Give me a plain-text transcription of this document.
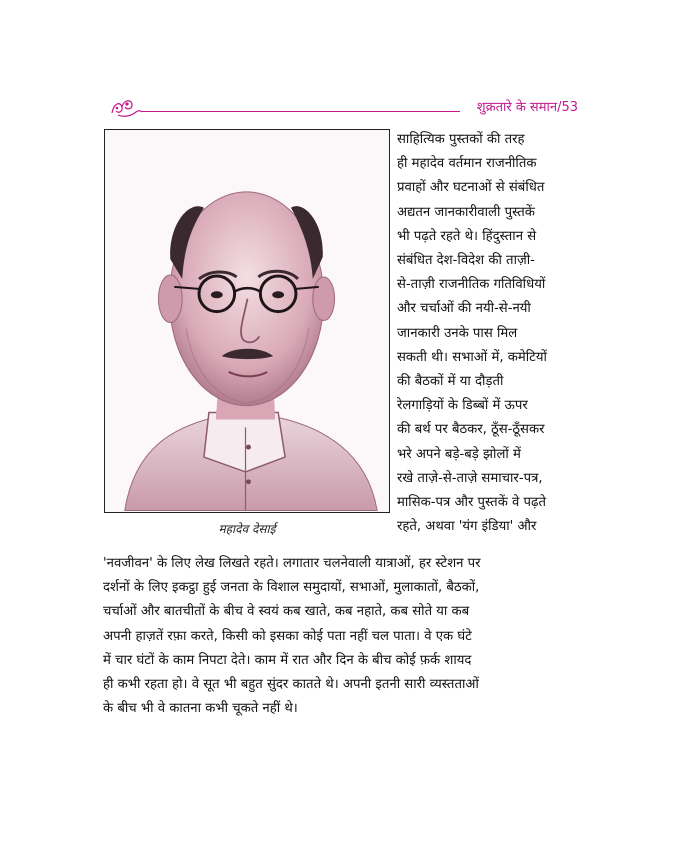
शुक्रतारे के समान/53
महादेव देसाई
साहित्यिक पुस्तकों की तरह
ही महादेव वर्तमान राजनीतिक
प्रवाहों और घटनाओं से संबंधित
अद्यतन जानकारीवाली पुस्तकें
भी पढ़ते रहते थे। हिंदुस्तान से
संबंधित देश-विदेश की ताज़ी-
से-ताज़ी राजनीतिक गतिविधियों
और चर्चाओं की नयी-से-नयी
जानकारी उनके पास मिल
सकती थी। सभाओं में, कमेटियों
की बैठकों में या दौड़ती
रेलगाड़ियों के डिब्बों में ऊपर
की बर्थ पर बैठकर, ठूँस-ठूँसकर
भरे अपने बड़े-बड़े झोलों में
रखे ताज़े-से-ताज़े समाचार-पत्र,
मासिक-पत्र और पुस्तकें वे पढ़ते
रहते, अथवा 'यंग इंडिया' और
'नवजीवन' के लिए लेख लिखते रहते। लगातार चलनेवाली यात्राओं, हर स्टेशन पर
दर्शनों के लिए इकट्ठा हुई जनता के विशाल समुदायों, सभाओं, मुलाकातों, बैठकों,
चर्चाओं और बातचीतों के बीच वे स्वयं कब खाते, कब नहाते, कब सोते या कब
अपनी हाज़तें रफ़ा करते, किसी को इसका कोई पता नहीं चल पाता। वे एक घंटे
में चार घंटों के काम निपटा देते। काम में रात और दिन के बीच कोई फ़र्क शायद
ही कभी रहता हो। वे सूत भी बहुत सुंदर कातते थे। अपनी इतनी सारी व्यस्तताओं
के बीच भी वे कातना कभी चूकते नहीं थे।
